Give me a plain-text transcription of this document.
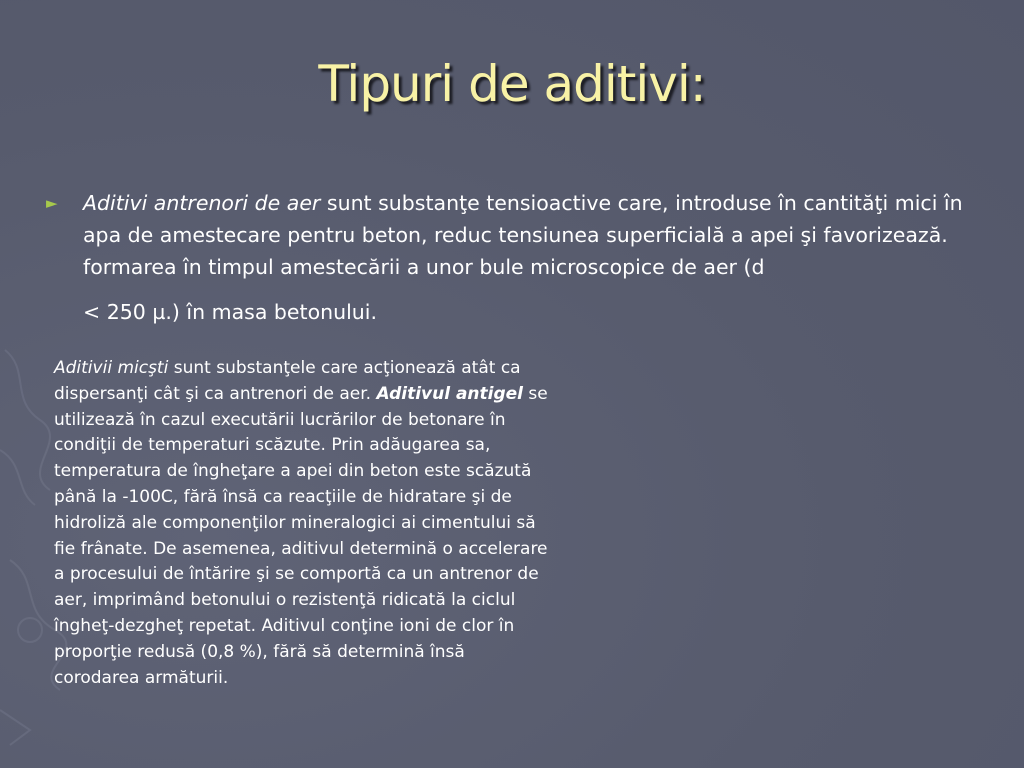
Tipuri de aditivi:
►	Aditivi antrenori de aer sunt substanţe tensioactive care, introduse în cantităţi mici în apa de amestecare pentru beton, reduc tensiunea superficială a apei şi favorizează. formarea în timpul amestecării a unor bule microscopice de aer (d
< 250 µ.) în masa betonului.
Aditivii micşti sunt substanţele care acţionează atât ca dispersanţi cât şi ca antrenori de aer. Aditivul antigel se utilizează în cazul executării lucrărilor de betonare în condiţii de temperaturi scăzute. Prin adăugarea sa, temperatura de îngheţare a apei din beton este scăzută până la -100C, fără însă ca reacţiile de hidratare şi de hidroliză ale componenţilor mineralogici ai cimentului să fie frânate. De asemenea, aditivul determină o accelerare a procesului de întărire şi se comportă ca un antrenor de aer, imprimând betonului o rezistenţă ridicată la ciclul îngheţ-dezgheţ repetat. Aditivul conţine ioni de clor în proporţie redusă (0,8 %), fără să determină însă corodarea armăturii.
